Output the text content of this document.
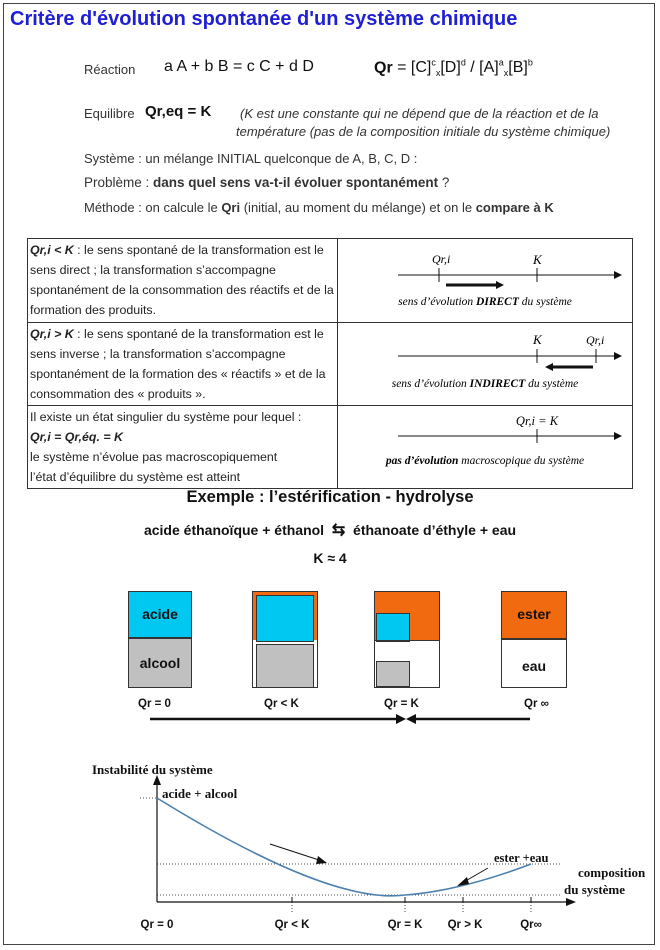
Critère d'évolution spontanée d'un système chimique
Réaction a A + b B = c C + d D	$Qr = [C]^c_x[D]^d / [A]^a_x[B]^b$
Equilibre Qr,eq = K (K est une constante qui ne dépend que de la réaction et de la
température (pas de la composition initiale du système chimique)
Système : un mélange INITIAL quelconque de A, B, C, D :
Problème : dans quel sens va-t-il évoluer spontanément ?
Méthode : on calcule le Qri (initial, au moment du mélange) et on le compare à K
Qr,i < K : le sens spontané de la transformation est le sens direct ; la transformation s’accompagne spontanément de la consommation des réactifs et de la formation des produits.	Qr,i K
sens d’évolution DIRECT du système

Qr,i > K : le sens spontané de la transformation est le sens inverse ; la transformation s’accompagne spontanément de la formation des « réactifs » et de la consommation des « produits ».	K Qr,i
sens d’évolution INDIRECT du système

Il existe un état singulier du système pour lequel :
Qr,i = Qr,éq. = K
le système n’évolue pas macroscopiquement
l’état d’équilibre du système est atteint	Qr,i = K
pas d’évolution macroscopique du système
Exemple : l’estérification - hydrolyse
acide éthanoïque + éthanol ⇆ éthanoate d’éthyle + eau
K ≈ 4
acide
alcool
ester
eau
Qr = 0	Qr < K	Qr = K	Qr ∞
Instabilité du système
acide + alcool
ester +eau
composition
du système
Qr = 0	Qr < K	Qr = K Qr > K	Qr∞
